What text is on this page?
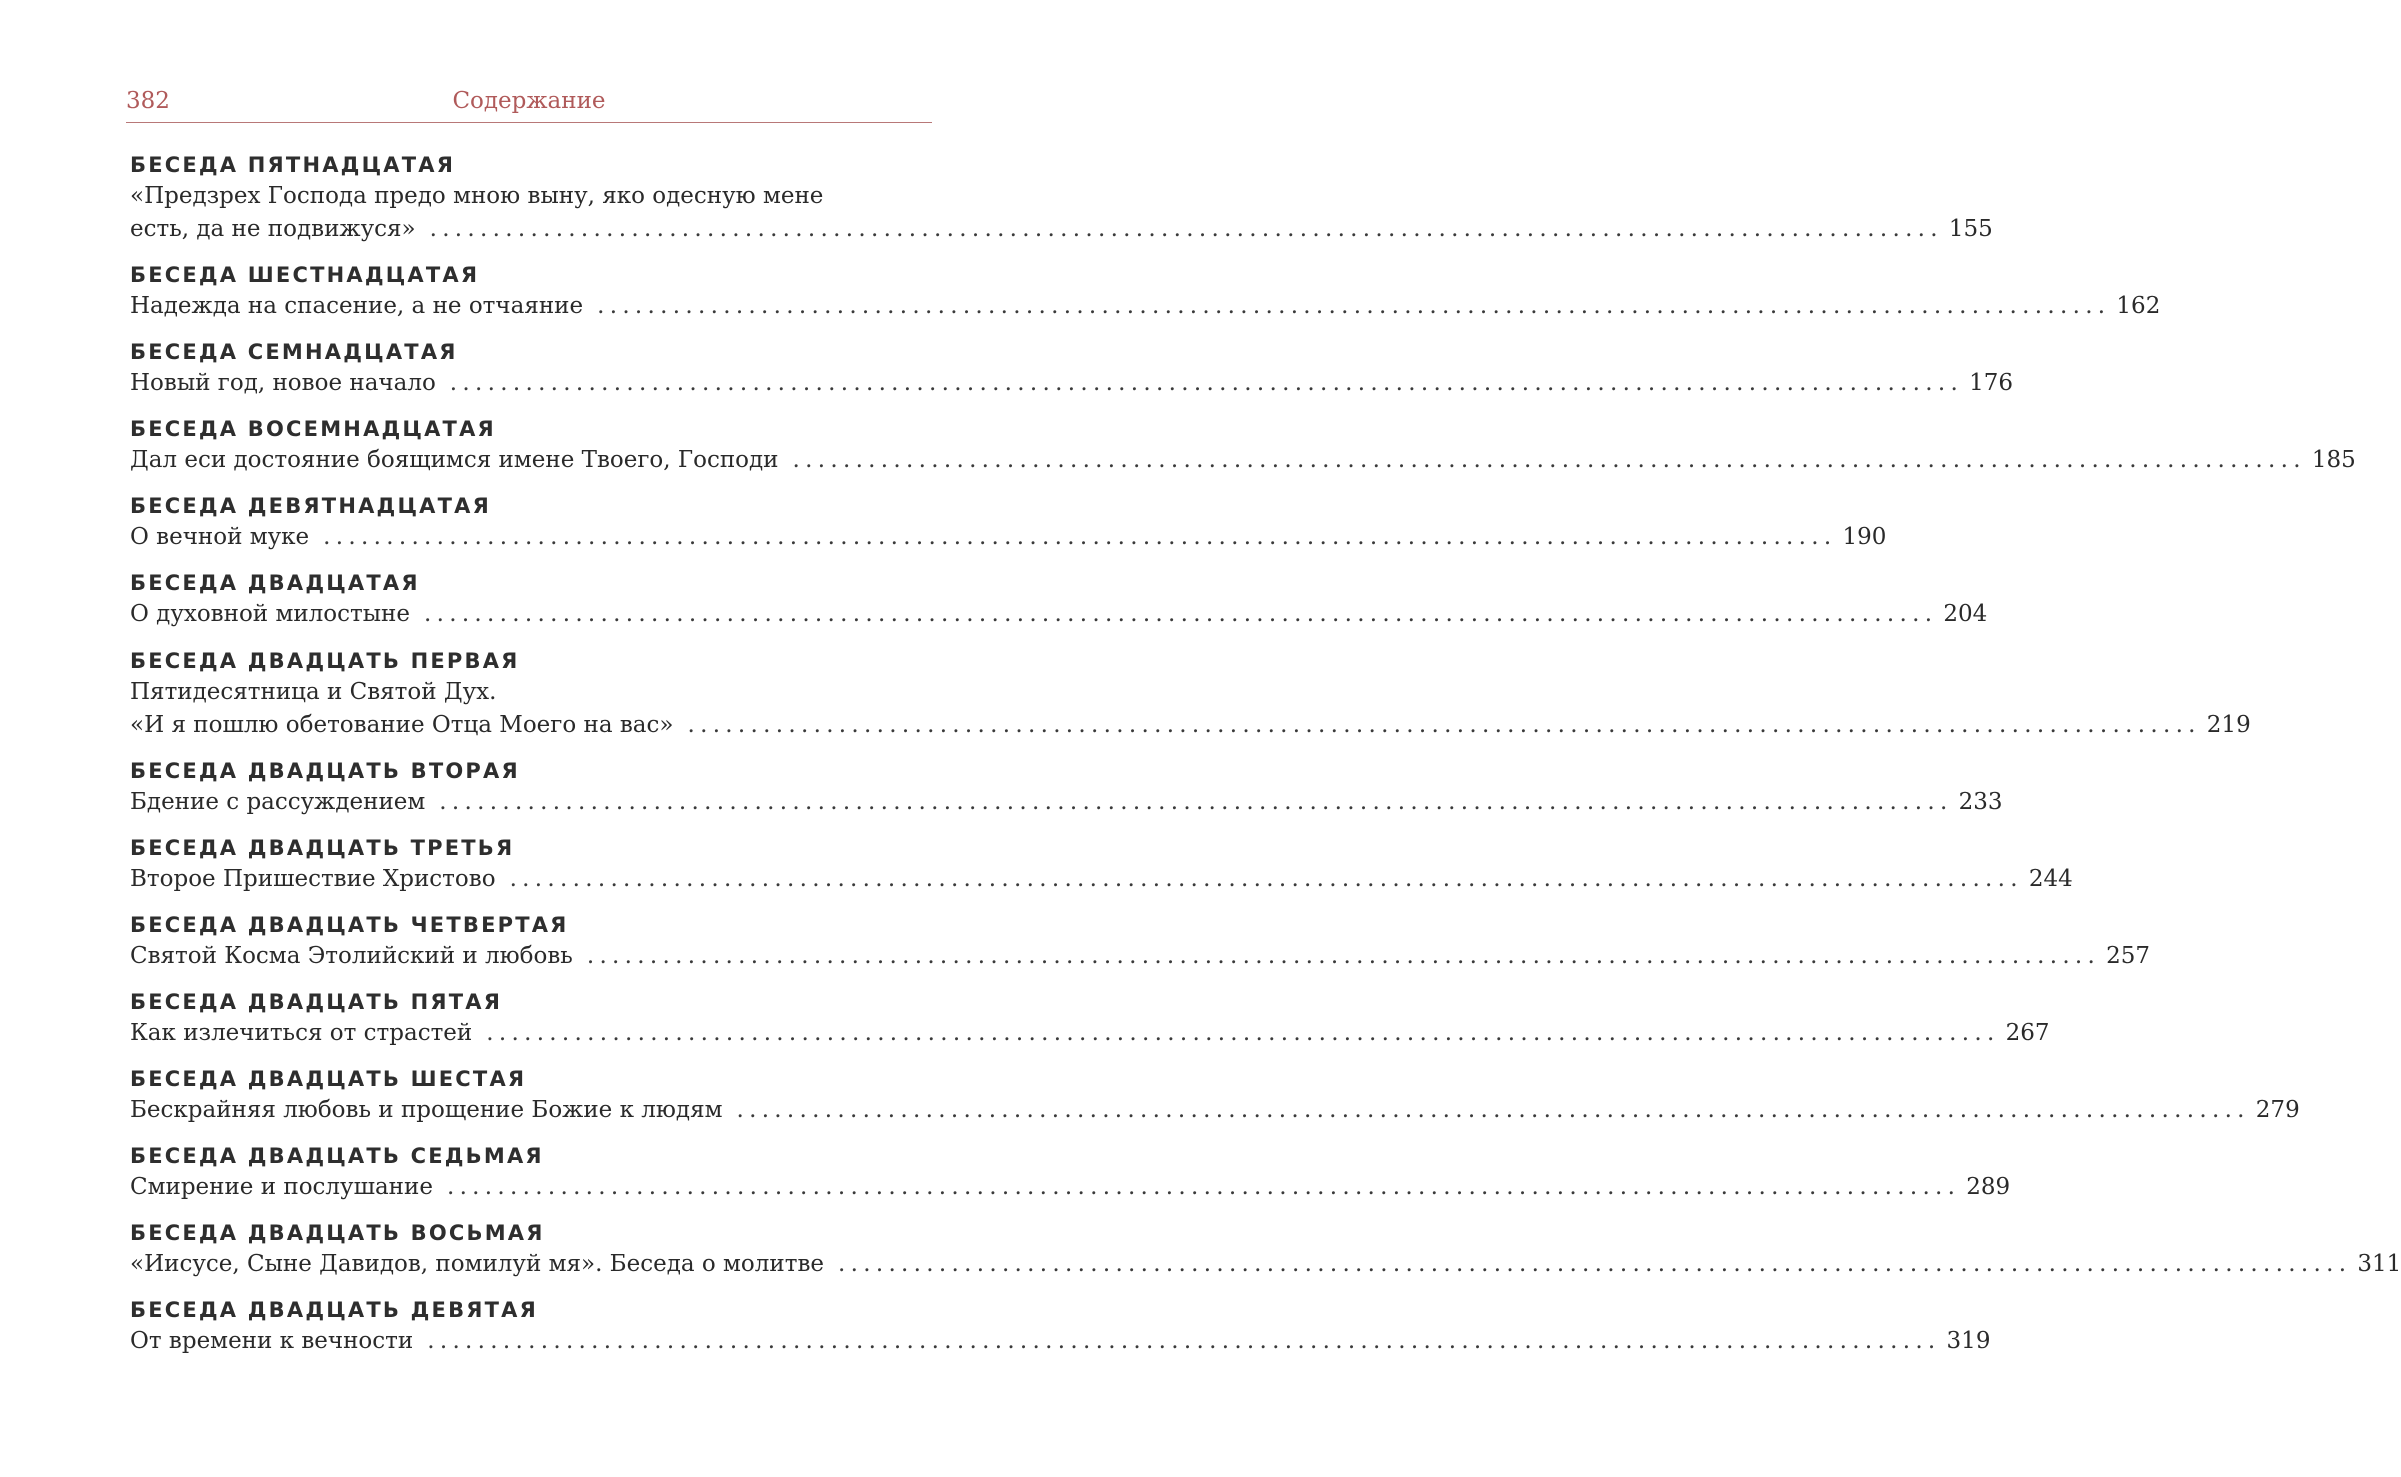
382	Содержание
БЕСЕДА ПЯТНАДЦАТАЯ
«Предзрех Господа предо мною выну, яко одесную мене
есть, да не подвижуся» ........................................................................................................................ 155
БЕСЕДА ШЕСТНАДЦАТАЯ
Надежда на спасение, а не отчаяние ........................................................................................................................ 162
БЕСЕДА СЕМНАДЦАТАЯ
Новый год, новое начало ........................................................................................................................ 176
БЕСЕДА ВОСЕМНАДЦАТАЯ
Дал еси достояние боящимся имене Твоего, Господи ........................................................................................................................ 185
БЕСЕДА ДЕВЯТНАДЦАТАЯ
О вечной муке ........................................................................................................................ 190
БЕСЕДА ДВАДЦАТАЯ
О духовной милостыне ........................................................................................................................ 204
БЕСЕДА ДВАДЦАТЬ ПЕРВАЯ
Пятидесятница и Святой Дух.
«И я пошлю обетование Отца Моего на вас» ........................................................................................................................ 219
БЕСЕДА ДВАДЦАТЬ ВТОРАЯ
Бдение с рассуждением ........................................................................................................................ 233
БЕСЕДА ДВАДЦАТЬ ТРЕТЬЯ
Второе Пришествие Христово ........................................................................................................................ 244
БЕСЕДА ДВАДЦАТЬ ЧЕТВЕРТАЯ
Святой Косма Этолийский и любовь ........................................................................................................................ 257
БЕСЕДА ДВАДЦАТЬ ПЯТАЯ
Как излечиться от страстей ........................................................................................................................ 267
БЕСЕДА ДВАДЦАТЬ ШЕСТАЯ
Бескрайняя любовь и прощение Божие к людям ........................................................................................................................ 279
БЕСЕДА ДВАДЦАТЬ СЕДЬМАЯ
Смирение и послушание ........................................................................................................................ 289
БЕСЕДА ДВАДЦАТЬ ВОСЬМАЯ
«Иисусе, Сыне Давидов, помилуй мя». Беседа о молитве ........................................................................................................................ 311
БЕСЕДА ДВАДЦАТЬ ДЕВЯТАЯ
От времени к вечности ........................................................................................................................ 319
